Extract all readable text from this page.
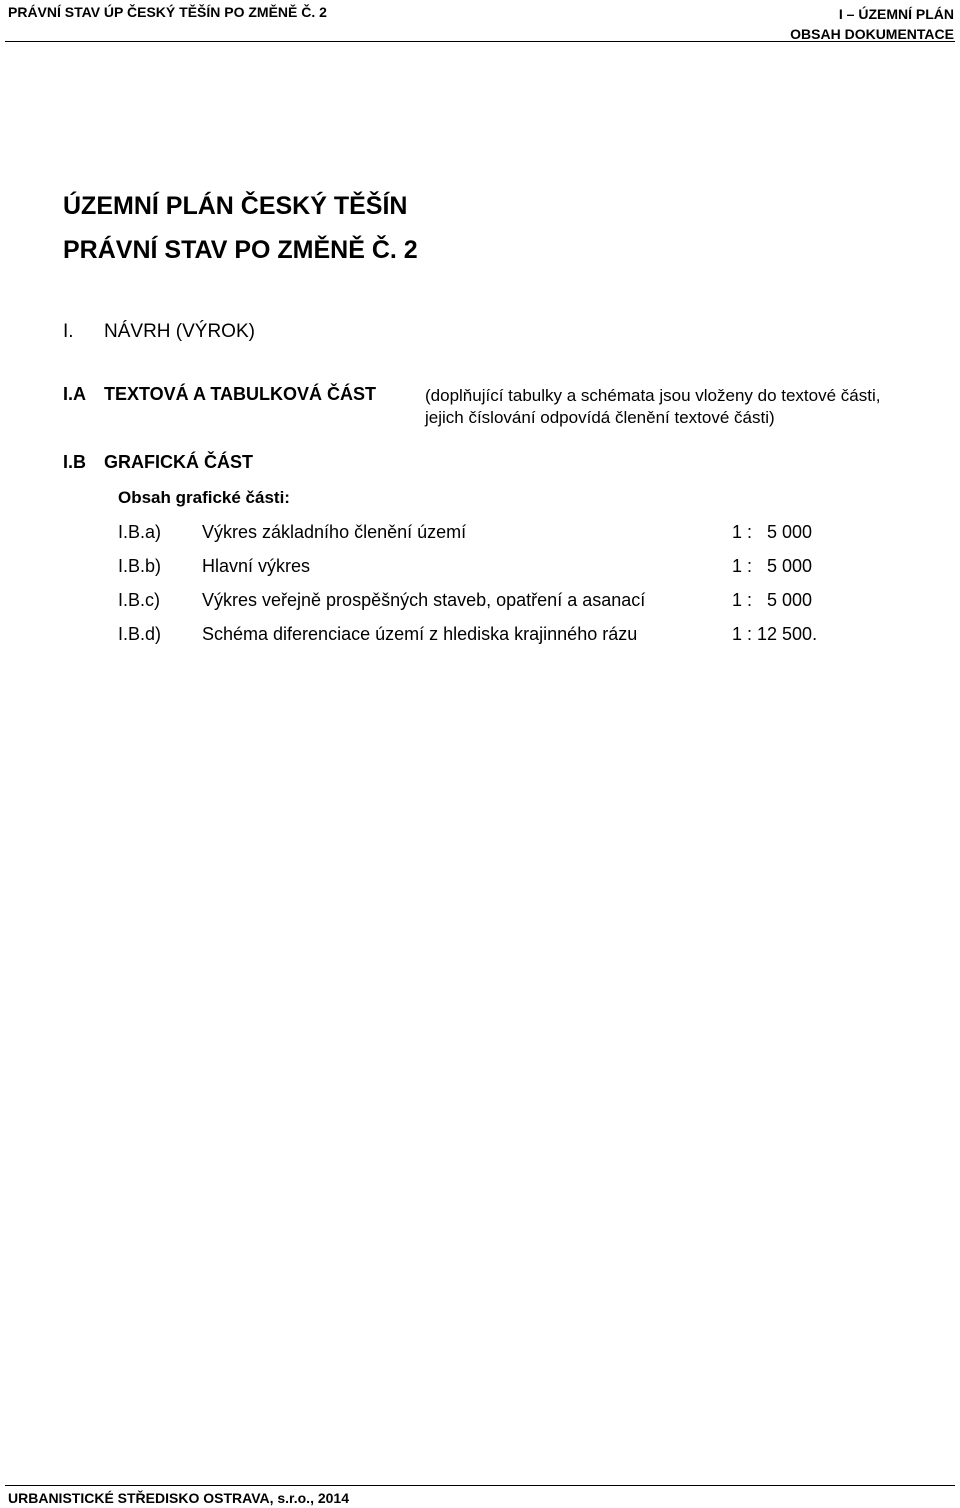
PRÁVNÍ STAV ÚP ČESKÝ TĚŠÍN PO ZMĚNĚ Č. 2	I – ÚZEMNÍ PLÁN
OBSAH DOKUMENTACE
ÚZEMNÍ PLÁN ČESKÝ TĚŠÍN
PRÁVNÍ STAV PO ZMĚNĚ Č. 2
I. NÁVRH (VÝROK)
I.A TEXTOVÁ A TABULKOVÁ ČÁST	(doplňující tabulky a schémata jsou vloženy do textové části,
jejich číslování odpovídá členění textové části)
I.B GRAFICKÁ ČÁST
Obsah grafické části:
I.B.a) Výkres základního členění území	1 :   5 000
I.B.b) Hlavní výkres	1 :   5 000
I.B.c) Výkres veřejně prospěšných staveb, opatření a asanací	1 :   5 000
I.B.d) Schéma diferenciace území z hlediska krajinného rázu	1 : 12 500.
URBANISTICKÉ STŘEDISKO OSTRAVA, s.r.o., 2014
